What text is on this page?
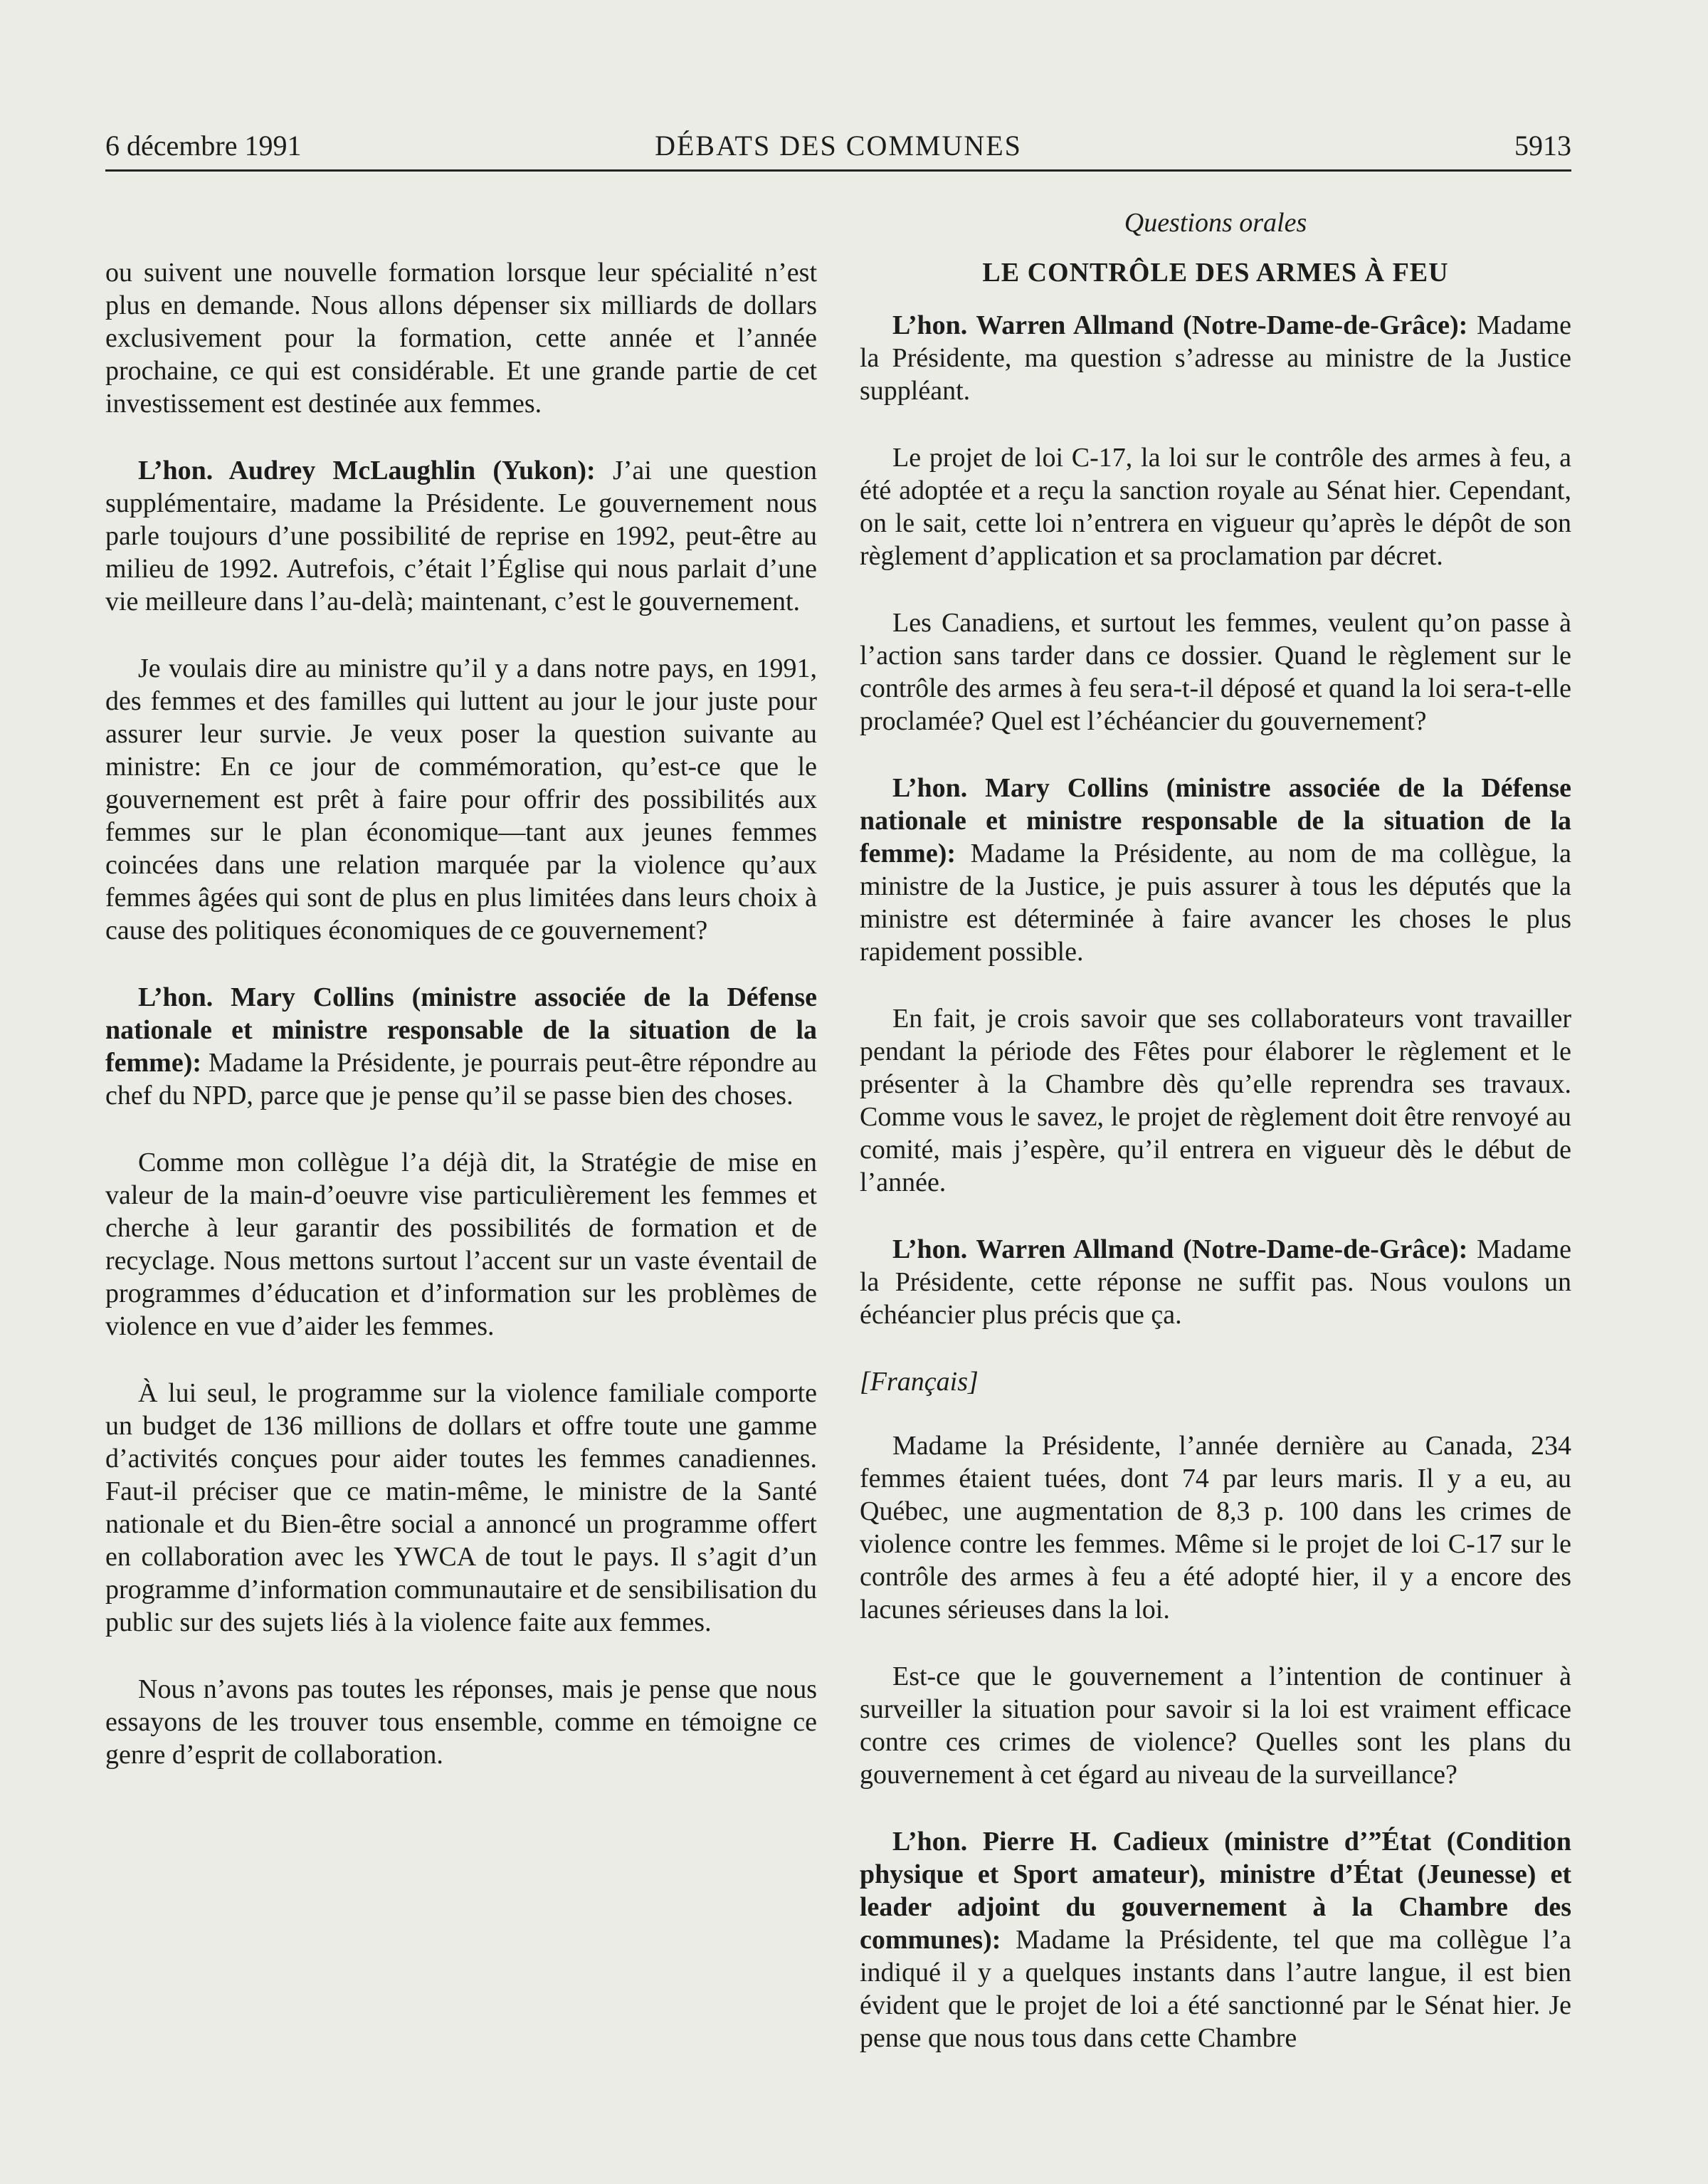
6 décembre 1991	DÉBATS DES COMMUNES	5913

ou suivent une nouvelle formation lorsque leur spécialité n’est plus en demande. Nous allons dépenser six milliards de dollars exclusivement pour la formation, cette année et l’année prochaine, ce qui est considérable. Et une grande partie de cet investissement est destinée aux femmes.

L’hon. Audrey McLaughlin (Yukon): J’ai une question supplémentaire, madame la Présidente. Le gouvernement nous parle toujours d’une possibilité de reprise en 1992, peut-être au milieu de 1992. Autrefois, c’était l’Église qui nous parlait d’une vie meilleure dans l’au-delà; maintenant, c’est le gouvernement.

Je voulais dire au ministre qu’il y a dans notre pays, en 1991, des femmes et des familles qui luttent au jour le jour juste pour assurer leur survie. Je veux poser la question suivante au ministre: En ce jour de commémoration, qu’est-ce que le gouvernement est prêt à faire pour offrir des possibilités aux femmes sur le plan économique—tant aux jeunes femmes coincées dans une relation marquée par la violence qu’aux femmes âgées qui sont de plus en plus limitées dans leurs choix à cause des politiques économiques de ce gouvernement?

L’hon. Mary Collins (ministre associée de la Défense nationale et ministre responsable de la situation de la femme): Madame la Présidente, je pourrais peut-être répondre au chef du NPD, parce que je pense qu’il se passe bien des choses.

Comme mon collègue l’a déjà dit, la Stratégie de mise en valeur de la main-d’oeuvre vise particulièrement les femmes et cherche à leur garantir des possibilités de formation et de recyclage. Nous mettons surtout l’accent sur un vaste éventail de programmes d’éducation et d’information sur les problèmes de violence en vue d’aider les femmes.

À lui seul, le programme sur la violence familiale comporte un budget de 136 millions de dollars et offre toute une gamme d’activités conçues pour aider toutes les femmes canadiennes. Faut-il préciser que ce matin-même, le ministre de la Santé nationale et du Bien-être social a annoncé un programme offert en collaboration avec les YWCA de tout le pays. Il s’agit d’un programme d’information communautaire et de sensibilisation du public sur des sujets liés à la violence faite aux femmes.

Nous n’avons pas toutes les réponses, mais je pense que nous essayons de les trouver tous ensemble, comme en témoigne ce genre d’esprit de collaboration.

Questions orales
LE CONTRÔLE DES ARMES À FEU

L’hon. Warren Allmand (Notre-Dame-de-Grâce): Madame la Présidente, ma question s’adresse au ministre de la Justice suppléant.

Le projet de loi C-17, la loi sur le contrôle des armes à feu, a été adoptée et a reçu la sanction royale au Sénat hier. Cependant, on le sait, cette loi n’entrera en vigueur qu’après le dépôt de son règlement d’application et sa proclamation par décret.

Les Canadiens, et surtout les femmes, veulent qu’on passe à l’action sans tarder dans ce dossier. Quand le règlement sur le contrôle des armes à feu sera-t-il déposé et quand la loi sera-t-elle proclamée? Quel est l’échéancier du gouvernement?

L’hon. Mary Collins (ministre associée de la Défense nationale et ministre responsable de la situation de la femme): Madame la Présidente, au nom de ma collègue, la ministre de la Justice, je puis assurer à tous les députés que la ministre est déterminée à faire avancer les choses le plus rapidement possible.

En fait, je crois savoir que ses collaborateurs vont travailler pendant la période des Fêtes pour élaborer le règlement et le présenter à la Chambre dès qu’elle reprendra ses travaux. Comme vous le savez, le projet de règlement doit être renvoyé au comité, mais j’espère, qu’il entrera en vigueur dès le début de l’année.

L’hon. Warren Allmand (Notre-Dame-de-Grâce): Madame la Présidente, cette réponse ne suffit pas. Nous voulons un échéancier plus précis que ça.

[Français]

Madame la Présidente, l’année dernière au Canada, 234 femmes étaient tuées, dont 74 par leurs maris. Il y a eu, au Québec, une augmentation de 8,3 p. 100 dans les crimes de violence contre les femmes. Même si le projet de loi C-17 sur le contrôle des armes à feu a été adopté hier, il y a encore des lacunes sérieuses dans la loi.

Est-ce que le gouvernement a l’intention de continuer à surveiller la situation pour savoir si la loi est vraiment efficace contre ces crimes de violence? Quelles sont les plans du gouvernement à cet égard au niveau de la surveillance?

L’hon. Pierre H. Cadieux (ministre d’”État (Condition physique et Sport amateur), ministre d’État (Jeunesse) et leader adjoint du gouvernement à la Chambre des communes): Madame la Présidente, tel que ma collègue l’a indiqué il y a quelques instants dans l’autre langue, il est bien évident que le projet de loi a été sanctionné par le Sénat hier. Je pense que nous tous dans cette Chambre
